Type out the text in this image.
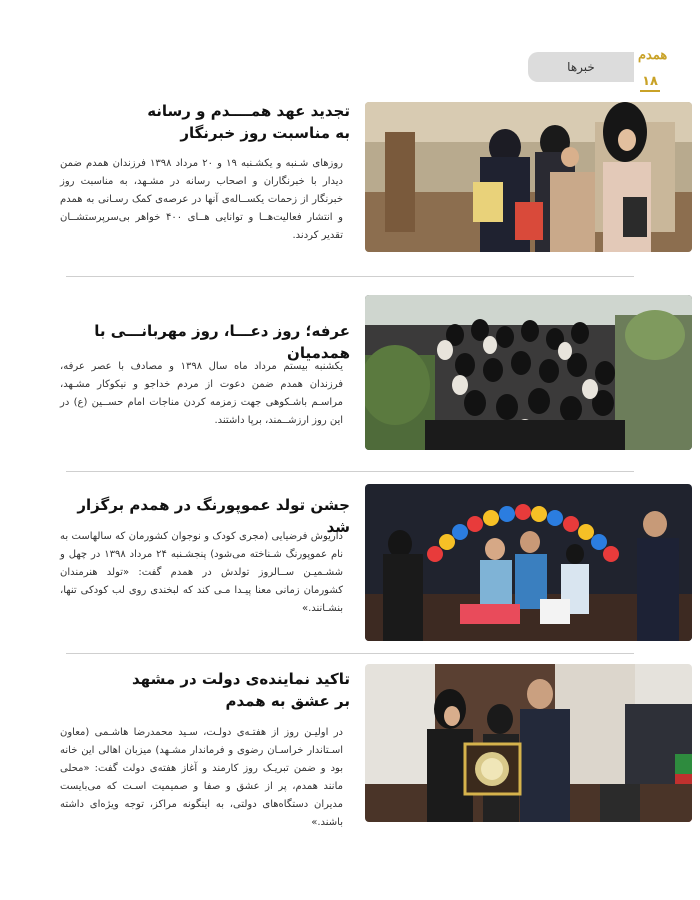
همدم
۱۸
خبرها
تجدید عهد همــــدم و رسانه
به مناسبت روز خبرنگار
روزهای شـنبه و یکشـنبه ۱۹ و ۲۰ مرداد ۱۳۹۸ فرزندان همدم ضمن دیدار با خبرنگاران و اصحاب رسانه در مشـهد، به مناسبت روز خبرنگار از زحمات یکســاله‌ی آنها در عرصه‌ی کمک رسـانی به همدم و انتشار فعالیت‌هــا و توانایی هــای ۴۰۰ خواهر بی‌سرپرستشــان تقدیر کردند.
عرفه؛ روز دعـــا، روز مهربانـــی با همدمیان
یکشنبه بیستم مرداد ماه سال ۱۳۹۸ و مصادف با عصر عرفه، فرزندان همدم ضمن دعوت از مردم خداجو و نیکوکار مشـهد، مراسـم باشـکوهی جهت زمزمه کردن مناجات امام حســین (ع) در این روز ارزشــمند، برپا داشتند.
جشن تولد عموپورنگ در همدم برگزار شد
داریوش فرضیایی (مجری کودک و نوجوان کشورمان که سالهاست به نام عموپورنگ شـناخته می‌شود) پنجشـنبه ۲۴ مرداد ۱۳۹۸ در چهل و ششـمیـن ســالروز تولدش در همدم گفت: «تولد هنرمندان کشورمان زمانی معنا پیـدا مـی کند که لبخندی روی لب کودکی تنها، بنشـانند.»
تاکید نماینده‌ی دولت در مشهد
بر عشق به همدم
در اولیـن روز از هفتـه‌ی دولـت، سـید محمدرضا هاشـمی (معاون اسـتاندار خراسـان رضوی و فرماندار مشـهد) میزبان اهالی این خانه بود و ضمن تبریـک روز کارمند و آغاز هفته‌ی دولت گفت: «محلی مانند همدم، پر از عشق و صفا و صمیمیت اسـت که می‌بایست مدیران دستگاه‌های دولتی، به اینگونه مراکز، توجه ویژه‌ای داشته باشند.»
